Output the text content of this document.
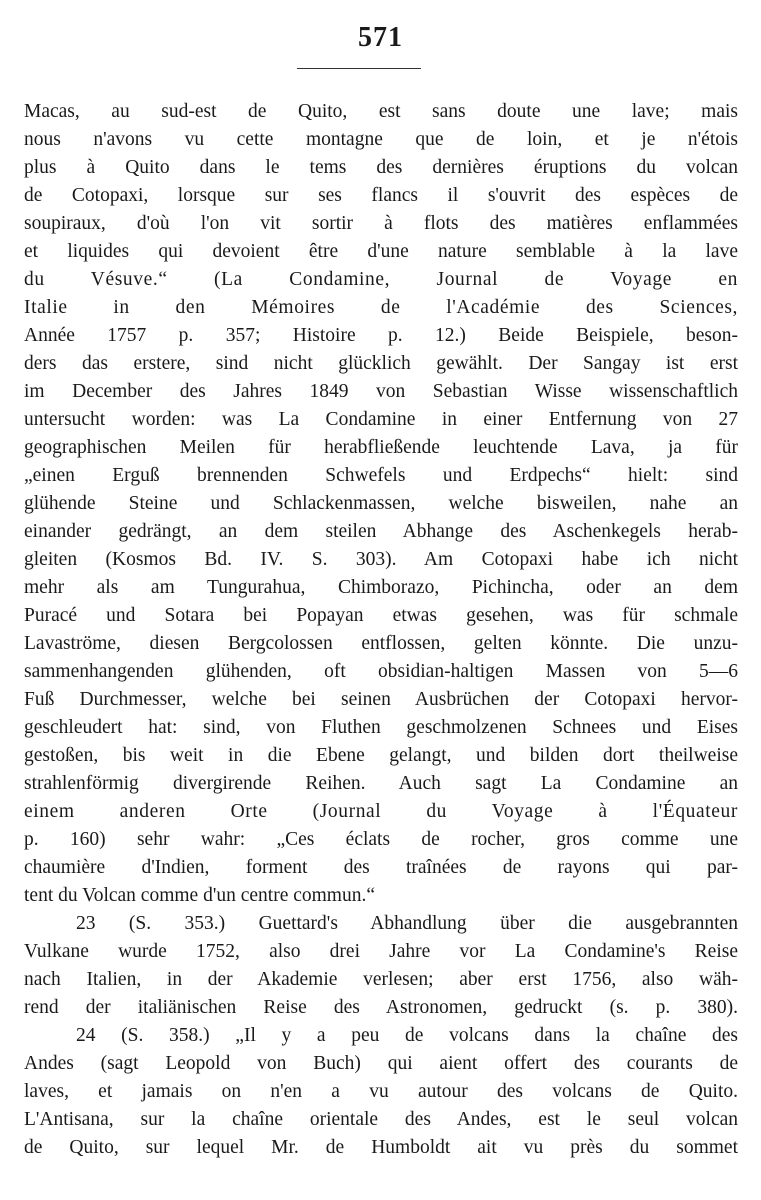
571
Macas, au sud-est de Quito, est sans doute une lave; mais
nous n'avons vu cette montagne que de loin, et je n'étois
plus à Quito dans le tems des dernières éruptions du volcan
de Cotopaxi, lorsque sur ses flancs il s'ouvrit des espèces de
soupiraux, d'où l'on vit sortir à flots des matières enflammées
et liquides qui devoient être d'une nature semblable à la lave
du Vésuve.“ (La Condamine, Journal de Voyage en
Italie in den Mémoires de l'Académie des Sciences,
Année 1757 p. 357; Histoire p. 12.) Beide Beispiele, beson-
ders das erstere, sind nicht glücklich gewählt. Der Sangay ist erst
im December des Jahres 1849 von Sebastian Wisse wissenschaftlich
untersucht worden: was La Condamine in einer Entfernung von 27
geographischen Meilen für herabfließende leuchtende Lava, ja für
„einen Erguß brennenden Schwefels und Erdpechs“ hielt: sind
glühende Steine und Schlackenmassen, welche bisweilen, nahe an
einander gedrängt, an dem steilen Abhange des Aschenkegels herab-
gleiten (Kosmos Bd. IV. S. 303). Am Cotopaxi habe ich nicht
mehr als am Tungurahua, Chimborazo, Pichincha, oder an dem
Puracé und Sotara bei Popayan etwas gesehen, was für schmale
Lavaströme, diesen Bergcolossen entflossen, gelten könnte. Die unzu-
sammenhangenden glühenden, oft obsidian-haltigen Massen von 5—6
Fuß Durchmesser, welche bei seinen Ausbrüchen der Cotopaxi hervor-
geschleudert hat: sind, von Fluthen geschmolzenen Schnees und Eises
gestoßen, bis weit in die Ebene gelangt, und bilden dort theilweise
strahlenförmig divergirende Reihen. Auch sagt La Condamine an
einem anderen Orte (Journal du Voyage à l'Équateur
p. 160) sehr wahr: „Ces éclats de rocher, gros comme une
chaumière d'Indien, forment des traînées de rayons qui par-
tent du Volcan comme d'un centre commun.“
23 (S. 353.) Guettard's Abhandlung über die ausgebrannten
Vulkane wurde 1752, also drei Jahre vor La Condamine's Reise
nach Italien, in der Akademie verlesen; aber erst 1756, also wäh-
rend der italiänischen Reise des Astronomen, gedruckt (s. p. 380).
24 (S. 358.) „Il y a peu de volcans dans la chaîne des
Andes (sagt Leopold von Buch) qui aient offert des courants de
laves, et jamais on n'en a vu autour des volcans de Quito.
L'Antisana, sur la chaîne orientale des Andes, est le seul volcan
de Quito, sur lequel Mr. de Humboldt ait vu près du sommet
